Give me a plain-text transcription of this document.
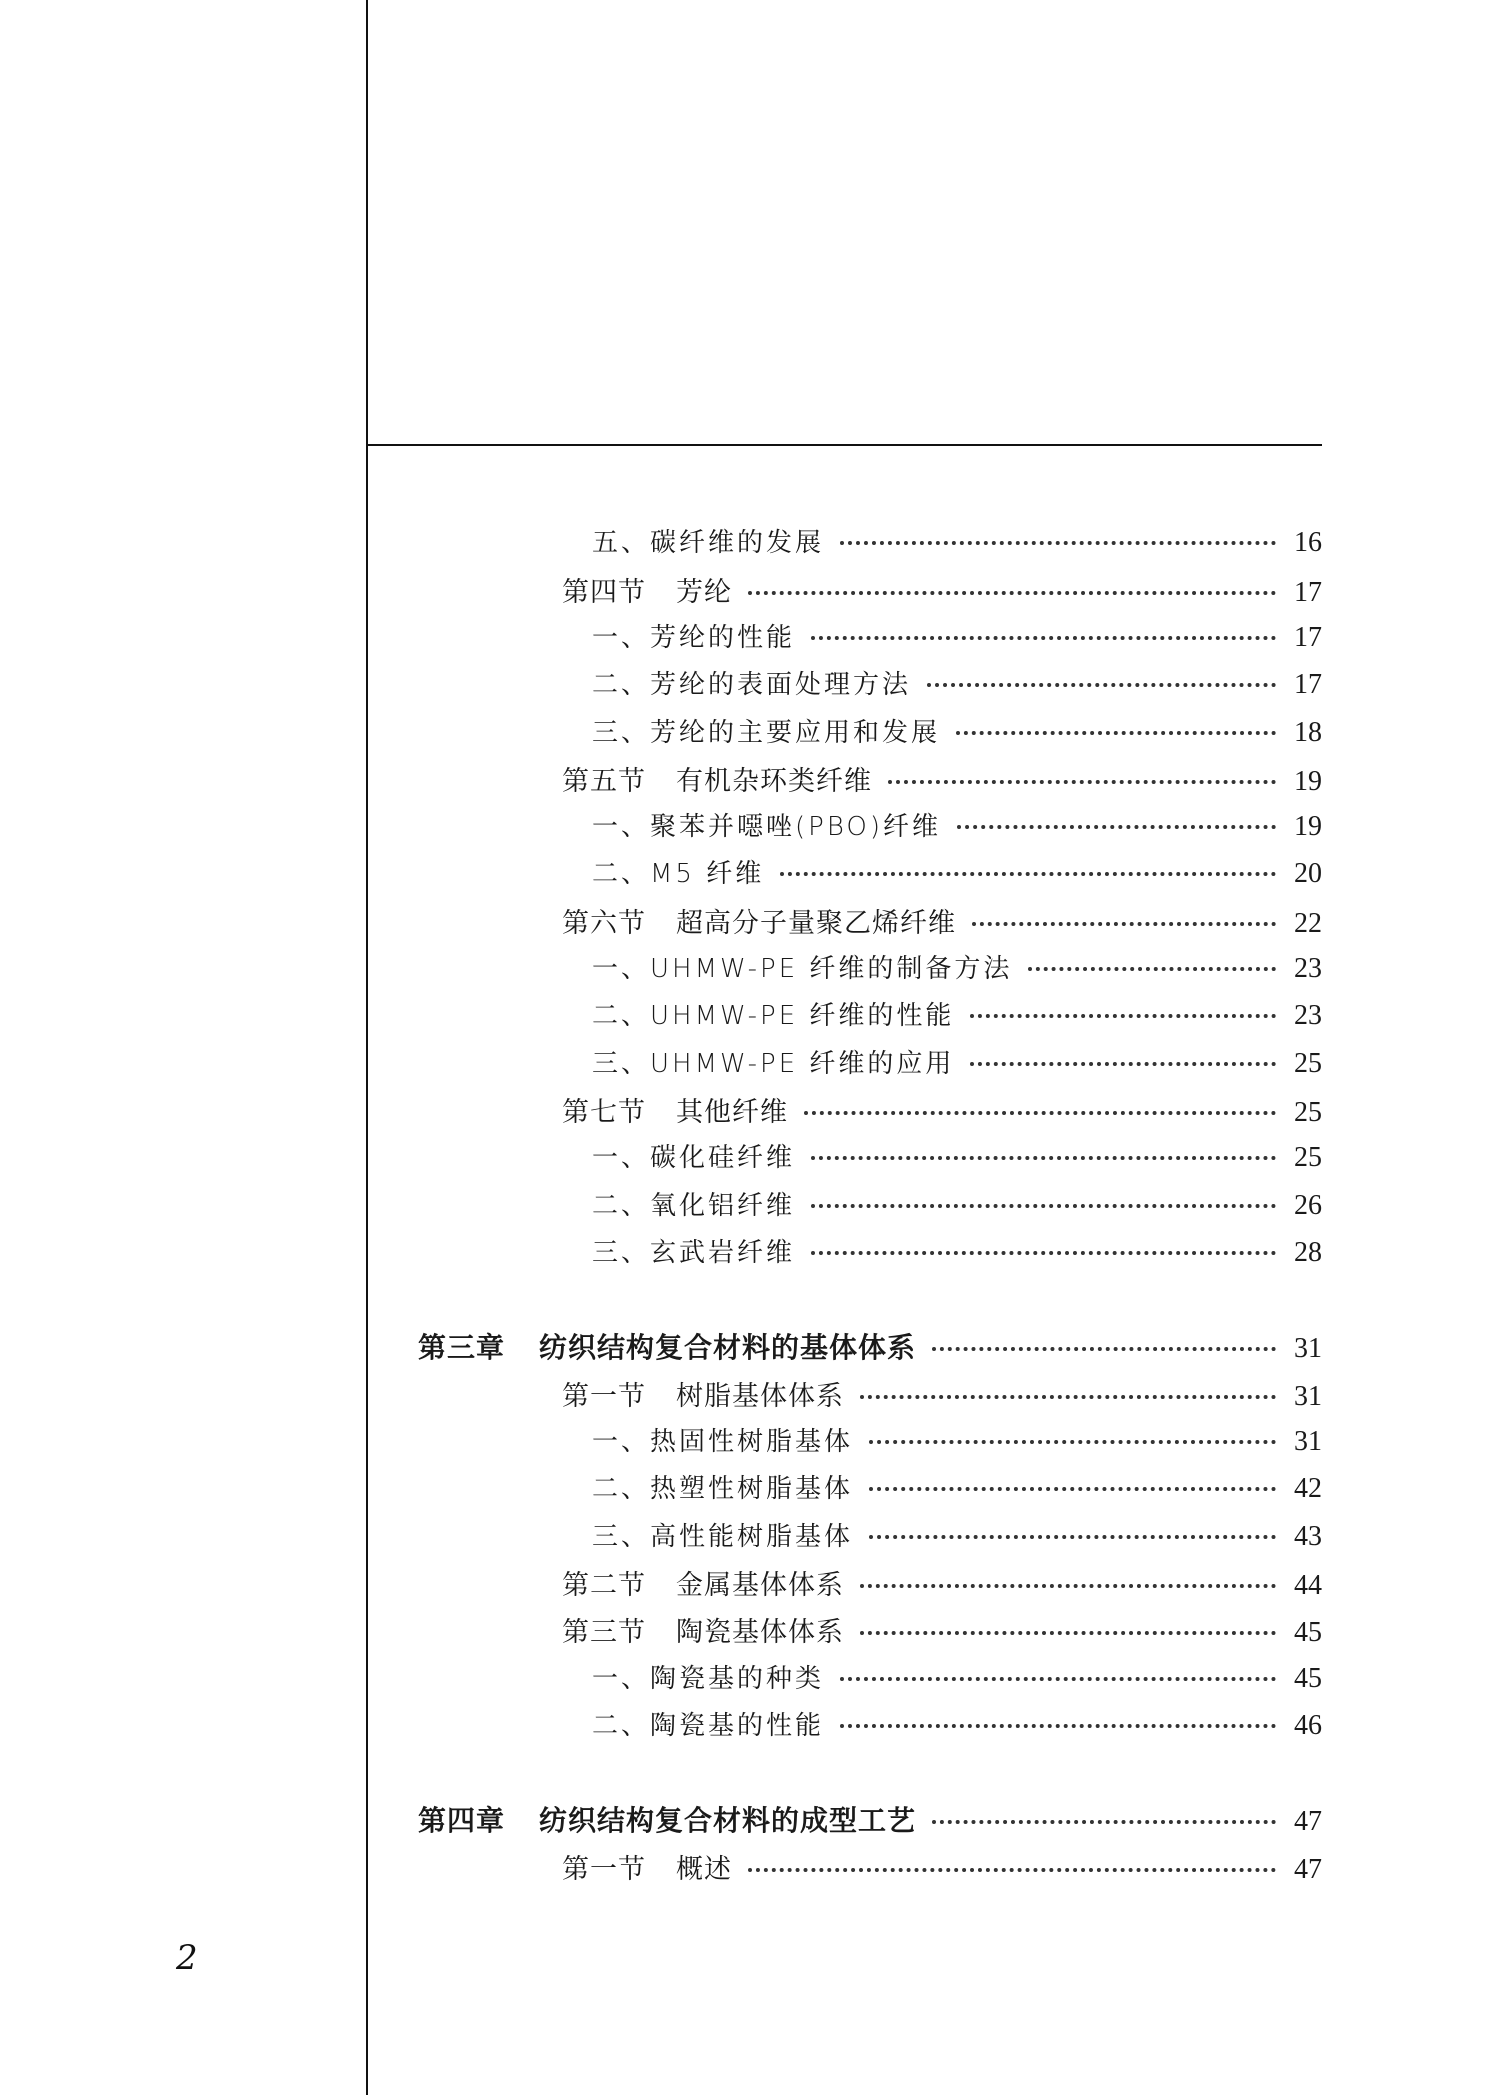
五、碳纤维的发展	16
第四节 芳纶	17
一、芳纶的性能	17
二、芳纶的表面处理方法	17
三、芳纶的主要应用和发展	18
第五节 有机杂环类纤维	19
一、聚苯并噁唑(PBO)纤维	19
二、M5 纤维	20
第六节 超高分子量聚乙烯纤维	22
一、UHMW-PE 纤维的制备方法	23
二、UHMW-PE 纤维的性能	23
三、UHMW-PE 纤维的应用	25
第七节 其他纤维	25
一、碳化硅纤维	25
二、氧化铝纤维	26
三、玄武岩纤维	28
第三章 纺织结构复合材料的基体体系	31
第一节 树脂基体体系	31
一、热固性树脂基体	31
二、热塑性树脂基体	42
三、高性能树脂基体	43
第二节 金属基体体系	44
第三节 陶瓷基体体系	45
一、陶瓷基的种类	45
二、陶瓷基的性能	46
第四章 纺织结构复合材料的成型工艺	47
第一节 概述	47
2
